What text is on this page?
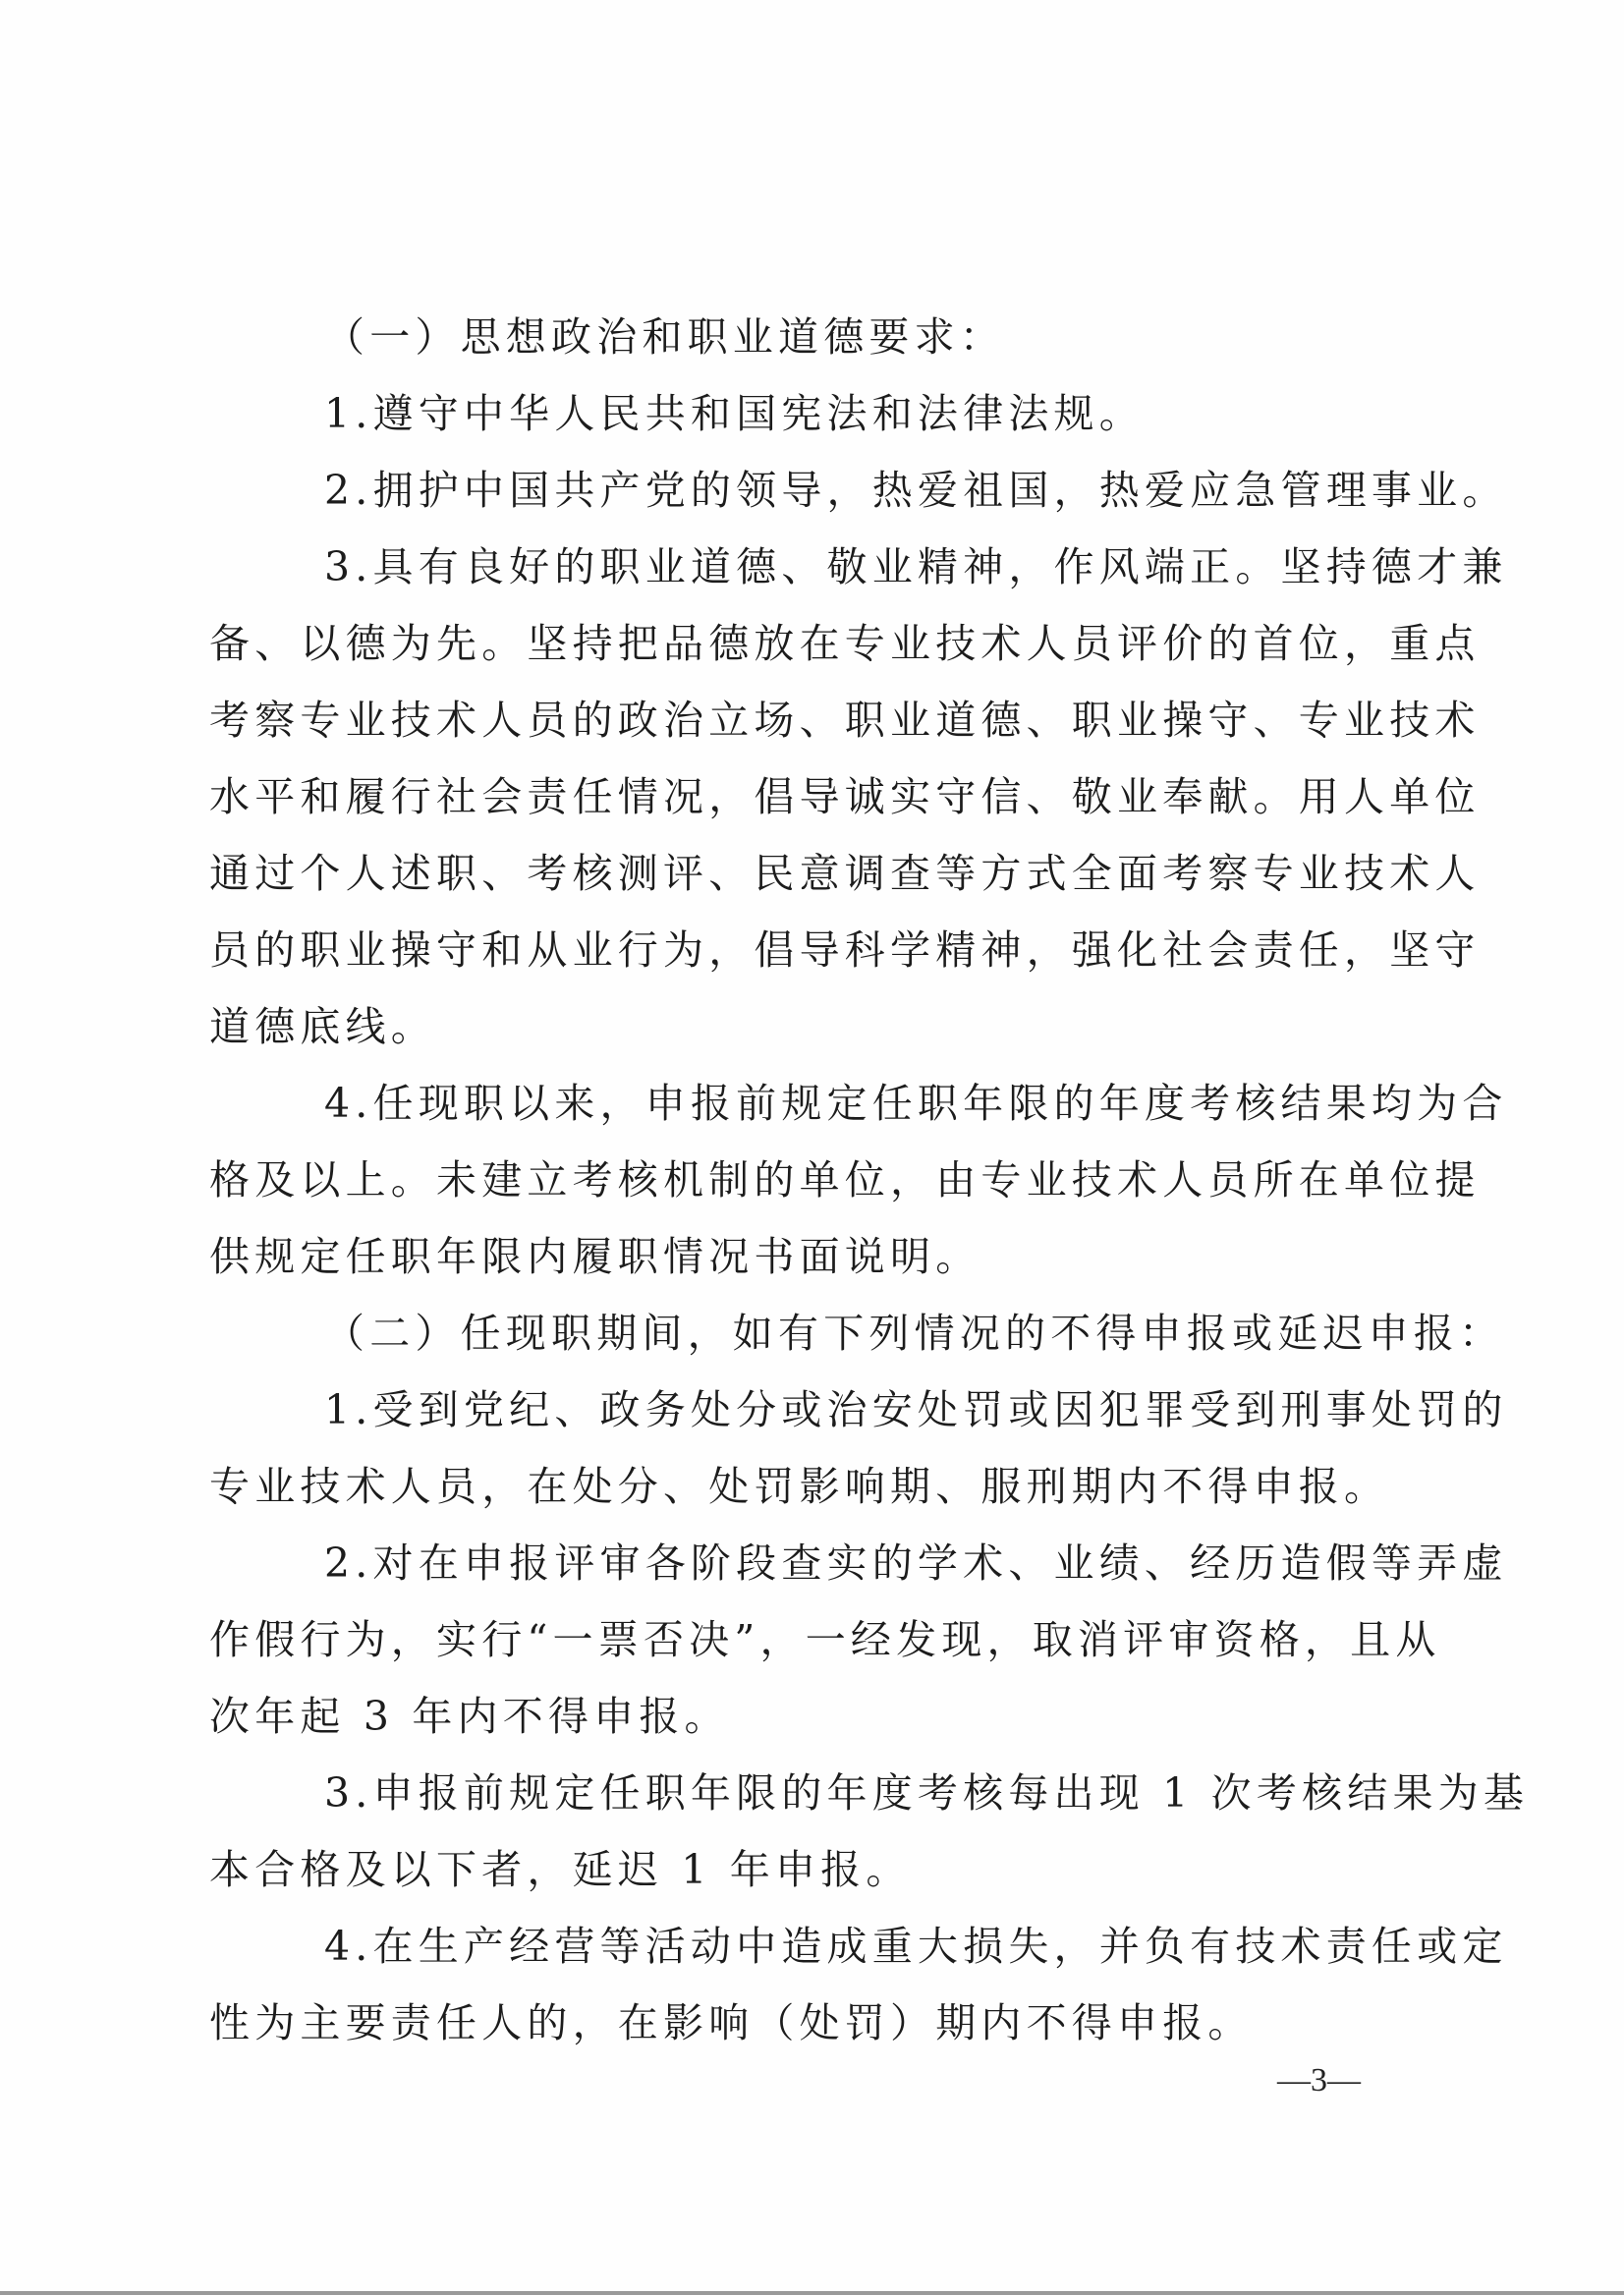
（一）思想政治和职业道德要求：
1.遵守中华人民共和国宪法和法律法规。
2.拥护中国共产党的领导，热爱祖国，热爱应急管理事业。
3.具有良好的职业道德、敬业精神，作风端正。坚持德才兼
备、以德为先。坚持把品德放在专业技术人员评价的首位，重点
考察专业技术人员的政治立场、职业道德、职业操守、专业技术
水平和履行社会责任情况，倡导诚实守信、敬业奉献。用人单位
通过个人述职、考核测评、民意调查等方式全面考察专业技术人
员的职业操守和从业行为，倡导科学精神，强化社会责任，坚守
道德底线。
4.任现职以来，申报前规定任职年限的年度考核结果均为合
格及以上。未建立考核机制的单位，由专业技术人员所在单位提
供规定任职年限内履职情况书面说明。
（二）任现职期间，如有下列情况的不得申报或延迟申报：
1.受到党纪、政务处分或治安处罚或因犯罪受到刑事处罚的
专业技术人员，在处分、处罚影响期、服刑期内不得申报。
2.对在申报评审各阶段查实的学术、业绩、经历造假等弄虚
作假行为，实行“一票否决”，一经发现，取消评审资格，且从
次年起 3 年内不得申报。
3.申报前规定任职年限的年度考核每出现 1 次考核结果为基
本合格及以下者，延迟 1 年申报。
4.在生产经营等活动中造成重大损失，并负有技术责任或定
性为主要责任人的，在影响（处罚）期内不得申报。
—3—
